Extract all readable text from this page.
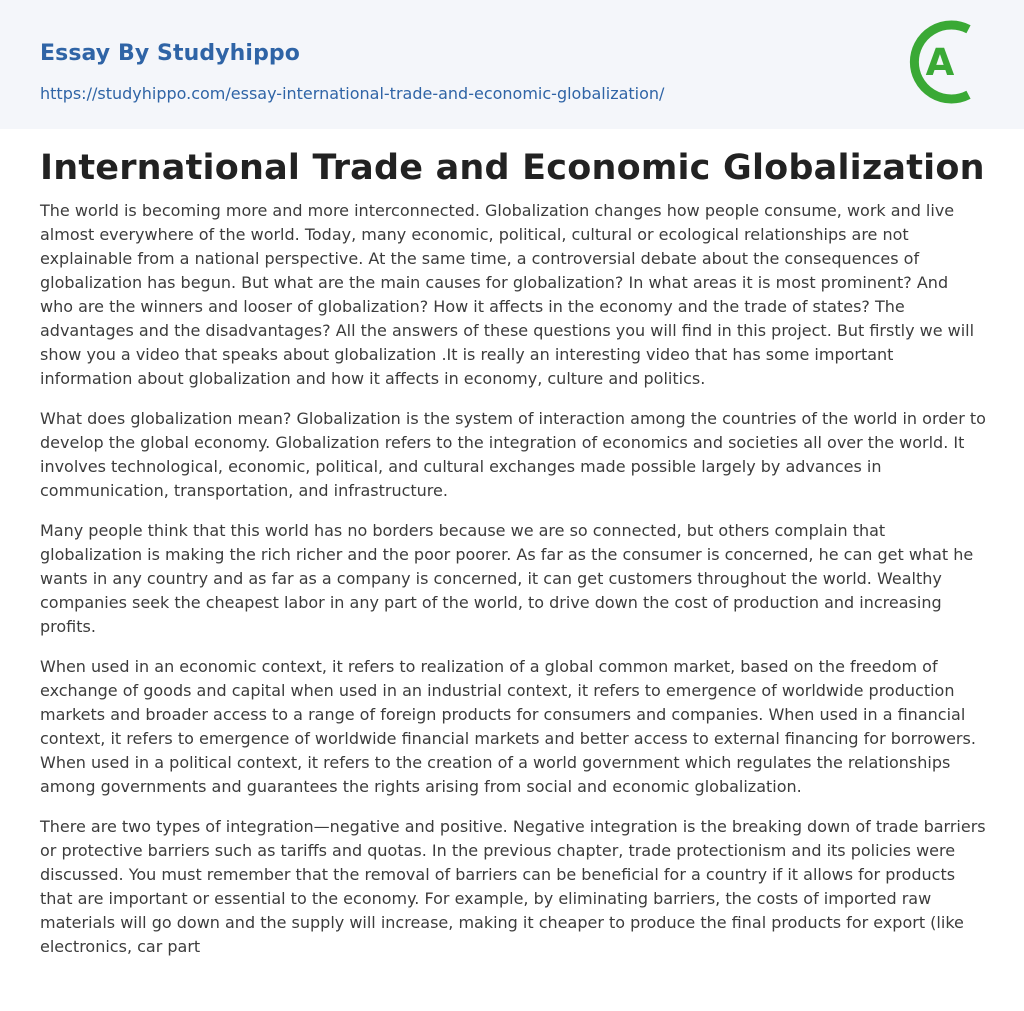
Essay By Studyhippo
https://studyhippo.com/essay-international-trade-and-economic-globalization/
A
International Trade and Economic Globalization

The world is becoming more and more interconnected. Globalization changes how people consume, work and live almost everywhere of the world. Today, many economic, political, cultural or ecological relationships are not explainable from a national perspective. At the same time, a controversial debate about the consequences of globalization has begun. But what are the main causes for globalization? In what areas it is most prominent? And who are the winners and looser of globalization? How it affects in the economy and the trade of states? The advantages and the disadvantages? All the answers of these questions you will find in this project. But firstly we will show you a video that speaks about globalization .It is really an interesting video that has some important information about globalization and how it affects in economy, culture and politics.

What does globalization mean? Globalization is the system of interaction among the countries of the world in order to develop the global economy. Globalization refers to the integration of economics and societies all over the world. It involves technological, economic, political, and cultural exchanges made possible largely by advances in communication, transportation, and infrastructure.

Many people think that this world has no borders because we are so connected, but others complain that globalization is making the rich richer and the poor poorer. As far as the consumer is concerned, he can get what he wants in any country and as far as a company is concerned, it can get customers throughout the world. Wealthy companies seek the cheapest labor in any part of the world, to drive down the cost of production and increasing profits.

When used in an economic context, it refers to realization of a global common market, based on the freedom of exchange of goods and capital when used in an industrial context, it refers to emergence of worldwide production markets and broader access to a range of foreign products for consumers and companies. When used in a financial context, it refers to emergence of worldwide financial markets and better access to external financing for borrowers. When used in a political context, it refers to the creation of a world government which regulates the relationships among governments and guarantees the rights arising from social and economic globalization.

There are two types of integration—negative and positive. Negative integration is the breaking down of trade barriers or protective barriers such as tariffs and quotas. In the previous chapter, trade protectionism and its policies were discussed. You must remember that the removal of barriers can be beneficial for a country if it allows for products that are important or essential to the economy. For example, by eliminating barriers, the costs of imported raw materials will go down and the supply will increase, making it cheaper to produce the final products for export (like electronics, car part
